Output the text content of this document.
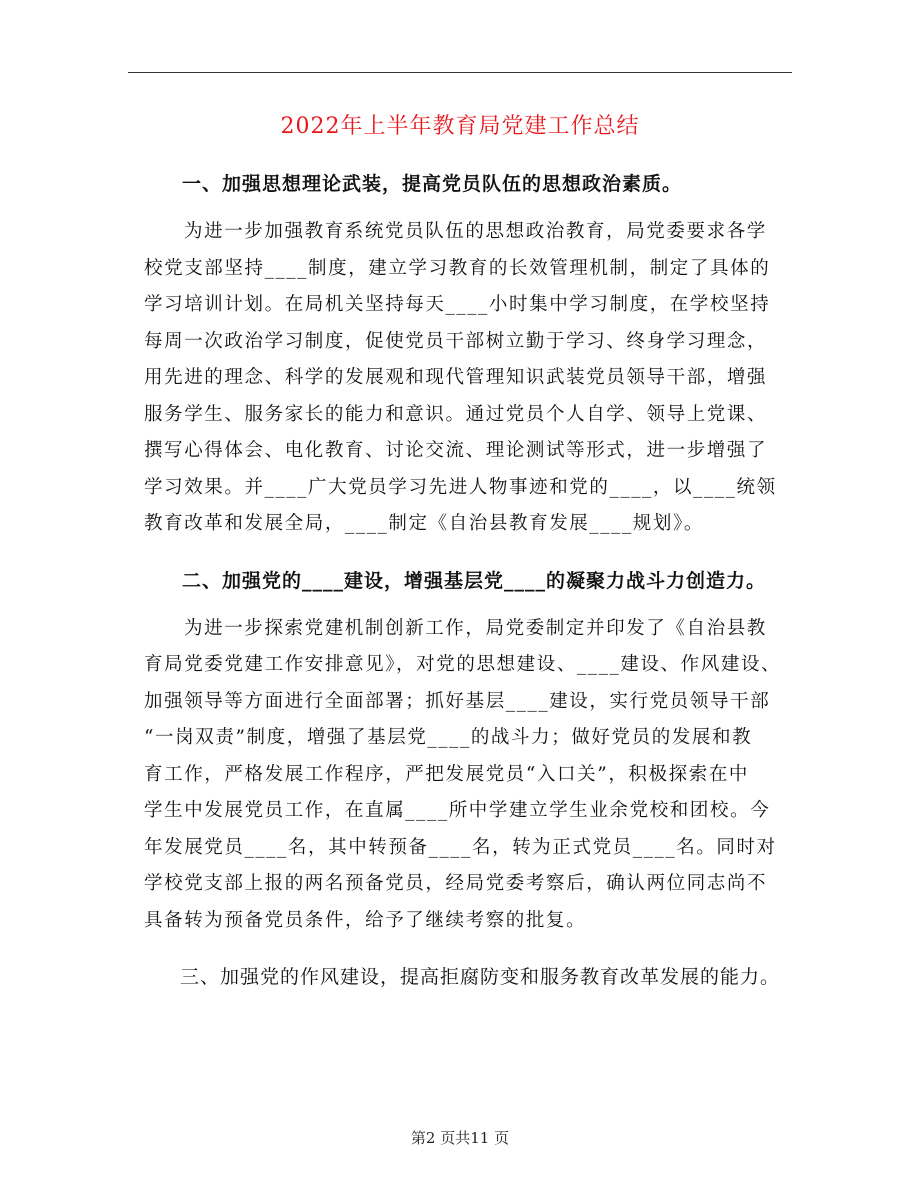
2022年上半年教育局党建工作总结

一、加强思想理论武装，提高党员队伍的思想政治素质。

为进一步加强教育系统党员队伍的思想政治教育，局党委要求各学
校党支部坚持____制度，建立学习教育的长效管理机制，制定了具体的
学习培训计划。在局机关坚持每天____小时集中学习制度，在学校坚持
每周一次政治学习制度，促使党员干部树立勤于学习、终身学习理念，
用先进的理念、科学的发展观和现代管理知识武装党员领导干部，增强
服务学生、服务家长的能力和意识。通过党员个人自学、领导上党课、
撰写心得体会、电化教育、讨论交流、理论测试等形式，进一步增强了
学习效果。并____广大党员学习先进人物事迹和党的____，以____统领
教育改革和发展全局，____制定《自治县教育发展____规划》。

二、加强党的____建设，增强基层党____的凝聚力战斗力创造力。

为进一步探索党建机制创新工作，局党委制定并印发了《自治县教
育局党委党建工作安排意见》，对党的思想建设、____建设、作风建设、
加强领导等方面进行全面部署；抓好基层____建设，实行党员领导干部
“一岗双责”制度，增强了基层党____的战斗力；做好党员的发展和教
育工作，严格发展工作程序，严把发展党员“入口关”，积极探索在中
学生中发展党员工作，在直属____所中学建立学生业余党校和团校。今
年发展党员____名，其中转预备____名，转为正式党员____名。同时对
学校党支部上报的两名预备党员，经局党委考察后，确认两位同志尚不
具备转为预备党员条件，给予了继续考察的批复。

三、加强党的作风建设，提高拒腐防变和服务教育改革发展的能力。

第2 页共11 页
